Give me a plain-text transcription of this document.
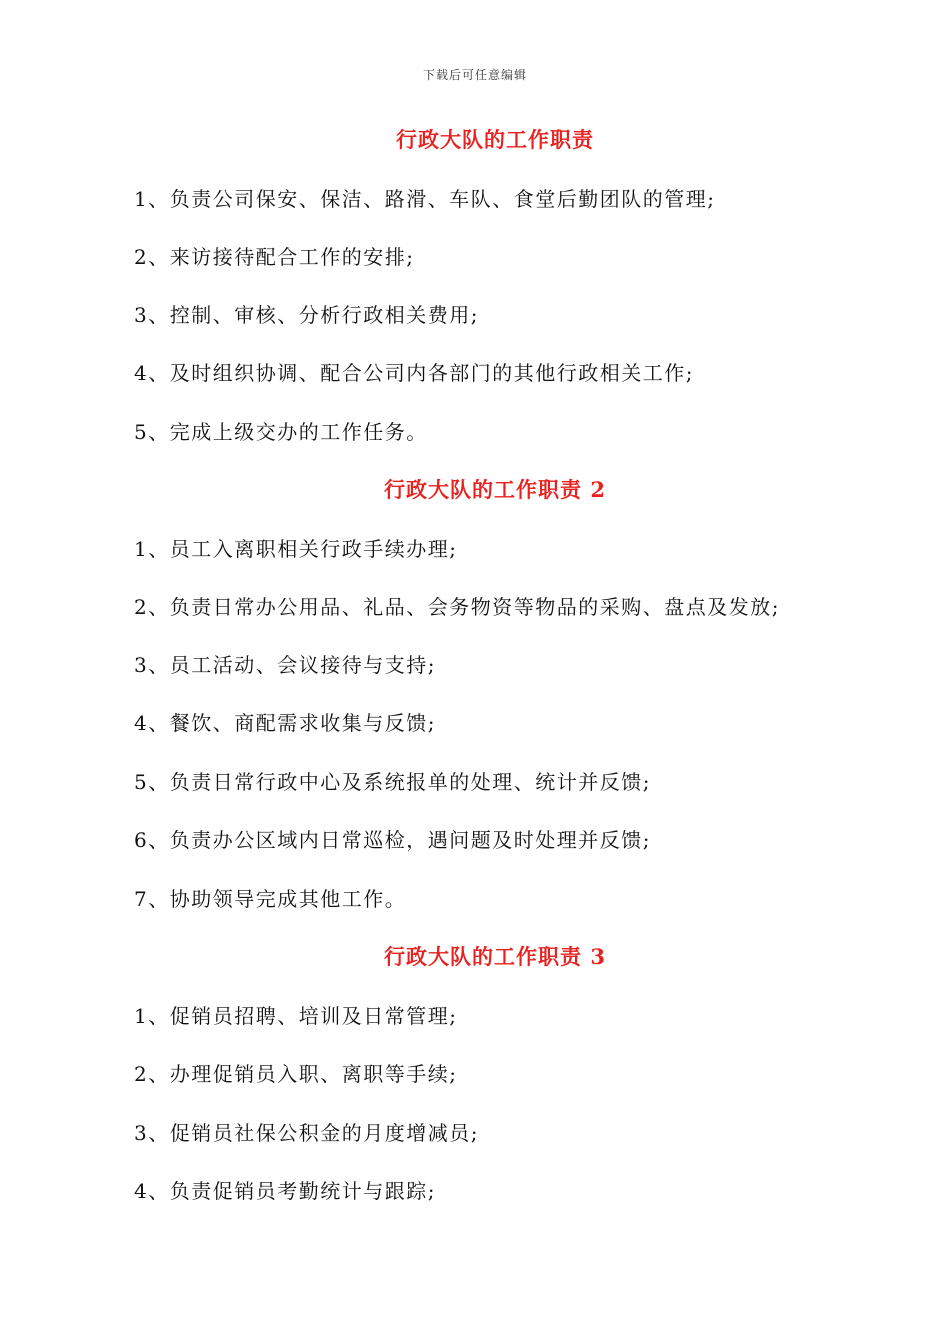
下载后可任意编辑
行政大队的工作职责
1、负责公司保安、保洁、路滑、车队、食堂后勤团队的管理;
2、来访接待配合工作的安排;
3、控制、审核、分析行政相关费用;
4、及时组织协调、配合公司内各部门的其他行政相关工作;
5、完成上级交办的工作任务。
行政大队的工作职责 2
1、员工入离职相关行政手续办理;
2、负责日常办公用品、礼品、会务物资等物品的采购、盘点及发放;
3、员工活动、会议接待与支持;
4、餐饮、商配需求收集与反馈;
5、负责日常行政中心及系统报单的处理、统计并反馈;
6、负责办公区域内日常巡检，遇问题及时处理并反馈;
7、协助领导完成其他工作。
行政大队的工作职责 3
1、促销员招聘、培训及日常管理;
2、办理促销员入职、离职等手续;
3、促销员社保公积金的月度增减员;
4、负责促销员考勤统计与跟踪;
